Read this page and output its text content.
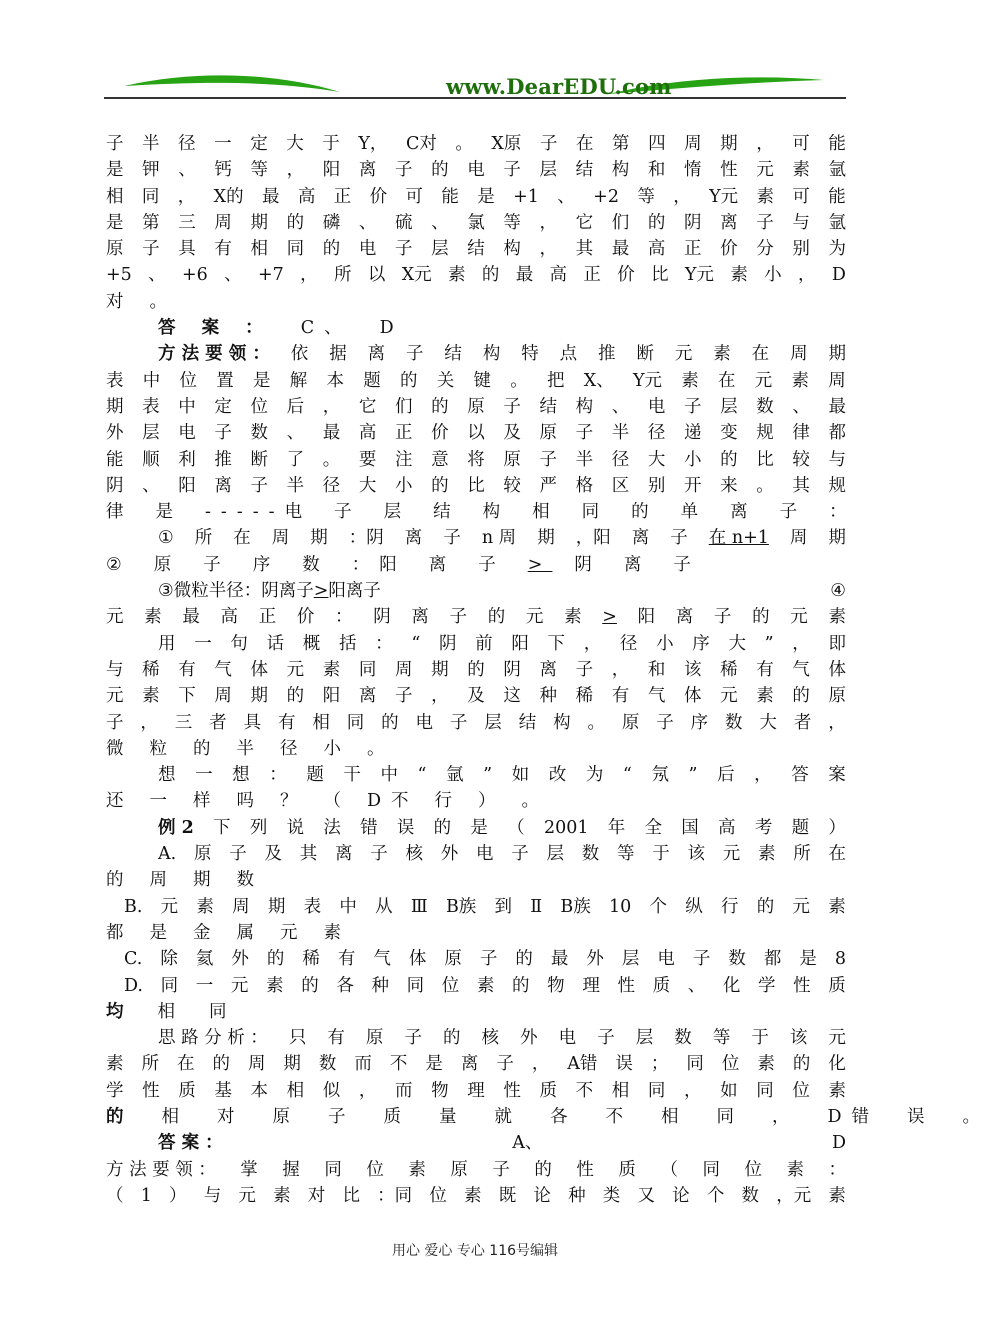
www.DearEDU.com
子 半 径 一 定 大 于 Y， C对 。 X原 子 在 第 四 周 期 ， 可 能
是 钾 、 钙 等 ， 阳 离 子 的 电 子 层 结 构 和 惰 性 元 素 氩
相 同 ， X的 最 高 正 价 可 能 是 +1 、 +2 等 ， Y元 素 可 能
是 第 三 周 期 的 磷 、 硫 、 氯 等 ， 它 们 的 阴 离 子 与 氩
原 子 具 有 相 同 的 电 子 层 结 构 ， 其 最 高 正 价 分 别 为
+5 、 +6 、 +7 ， 所 以 X元 素 的 最 高 正 价 比 Y元 素 小 ， D
对 。
答 案 ： C、 D
方 法 要 领 ： 依 据 离 子 结 构 特 点 推 断 元 素 在 周 期
表 中 位 置 是 解 本 题 的 关 键 。 把 X、 Y元 素 在 元 素 周
期 表 中 定 位 后 ， 它 们 的 原 子 结 构 、 电 子 层 数 、 最
外 层 电 子 数 、 最 高 正 价 以 及 原 子 半 径 递 变 规 律 都
能 顺 利 推 断 了 。 要 注 意 将 原 子 半 径 大 小 的 比 较 与
阴 、 阳 离 子 半 径 大 小 的 比 较 严 格 区 别 开 来 。 其 规
律 是 -----电 子 层 结 构 相 同 的 单 离 子 ：
① 所 在 周 期 ：阴 离 子 n 周 期 ，阳 离 子 在 n+1 周 期
② 原 子 序 数 ：阳 离 子 > 阴 离 子
③ 微 粒 半 径 ： 阴 离 子 > 阳 离 子	④
元 素 最 高 正 价 ： 阴 离 子 的 元 素 > 阳 离 子 的 元 素
用 一 句 话 概 括 ： “ 阴 前 阳 下 ， 径 小 序 大 ” ， 即
与 稀 有 气 体 元 素 同 周 期 的 阴 离 子 ， 和 该 稀 有 气 体
元 素 下 周 期 的 阳 离 子 ， 及 这 种 稀 有 气 体 元 素 的 原
子 ， 三 者 具 有 相 同 的 电 子 层 结 构 。 原 子 序 数 大 者 ，
微 粒 的 半 径 小 。
想 一 想 ： 题 干 中 “ 氩 ” 如 改 为 “ 氖 ” 后 ， 答 案
还 一 样 吗 ？ （ D不 行 ） 。
例 2 下 列 说 法 错 误 的 是 （ 2001 年 全 国 高 考 题 ）
A. 原 子 及 其 离 子 核 外 电 子 层 数 等 于 该 元 素 所 在
的 周 期 数
B. 元 素 周 期 表 中 从 Ⅲ B族 到 Ⅱ B族 10 个 纵 行 的 元 素
都 是 金 属 元 素
C. 除 氦 外 的 稀 有 气 体 原 子 的 最 外 层 电 子 数 都 是 8
D. 同 一 元 素 的 各 种 同 位 素 的 物 理 性 质 、 化 学 性 质
均 相 同
思 路 分 析 ： 只 有 原 子 的 核 外 电 子 层 数 等 于 该 元
素 所 在 的 周 期 数 而 不 是 离 子 ， A错 误 ； 同 位 素 的 化
学 性 质 基 本 相 似 ， 而 物 理 性 质 不 相 同 ， 如 同 位 素
的 相 对 原 子 质 量 就 各 不 相 同 ， D错 误 。
答 案 ：	A、	D
方 法 要 领 ： 掌 握 同 位 素 原 子 的 性 质 （ 同 位 素 ：
（ 1 ） 与 元 素 对 比 ：同 位 素 既 论 种 类 又 论 个 数 ，元 素
用心 爱心 专心 116号编辑
